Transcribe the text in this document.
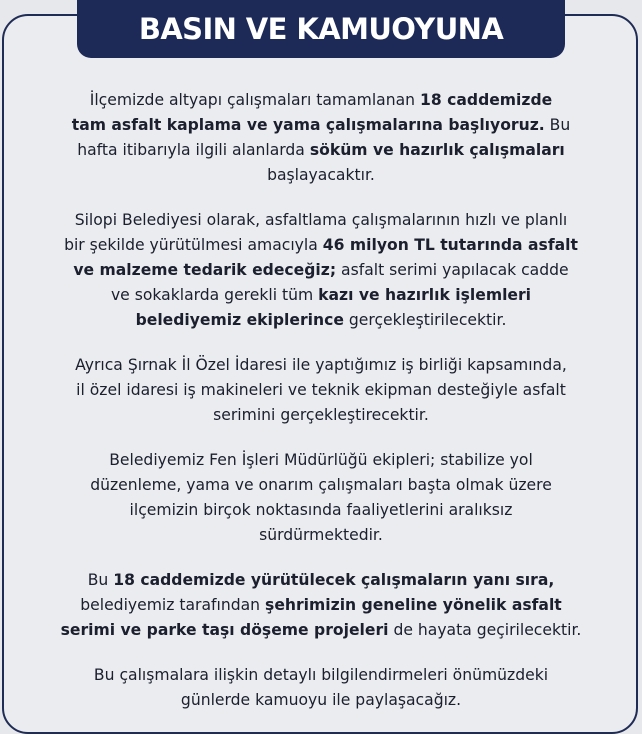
BASIN VE KAMUOYUNA

İlçemizde altyapı çalışmaları tamamlanan 18 caddemizde
tam asfalt kaplama ve yama çalışmalarına başlıyoruz. Bu
hafta itibarıyla ilgili alanlarda söküm ve hazırlık çalışmaları
başlayacaktır.

Silopi Belediyesi olarak, asfaltlama çalışmalarının hızlı ve planlı
bir şekilde yürütülmesi amacıyla 46 milyon TL tutarında asfalt
ve malzeme tedarik edeceğiz; asfalt serimi yapılacak cadde
ve sokaklarda gerekli tüm kazı ve hazırlık işlemleri
belediyemiz ekiplerince gerçekleştirilecektir.

Ayrıca Şırnak İl Özel İdaresi ile yaptığımız iş birliği kapsamında,
il özel idaresi iş makineleri ve teknik ekipman desteğiyle asfalt
serimini gerçekleştirecektir.

Belediyemiz Fen İşleri Müdürlüğü ekipleri; stabilize yol
düzenleme, yama ve onarım çalışmaları başta olmak üzere
ilçemizin birçok noktasında faaliyetlerini aralıksız
sürdürmektedir.

Bu 18 caddemizde yürütülecek çalışmaların yanı sıra,
belediyemiz tarafından şehrimizin geneline yönelik asfalt
serimi ve parke taşı döşeme projeleri de hayata geçirilecektir.

Bu çalışmalara ilişkin detaylı bilgilendirmeleri önümüzdeki
günlerde kamuoyu ile paylaşacağız.
